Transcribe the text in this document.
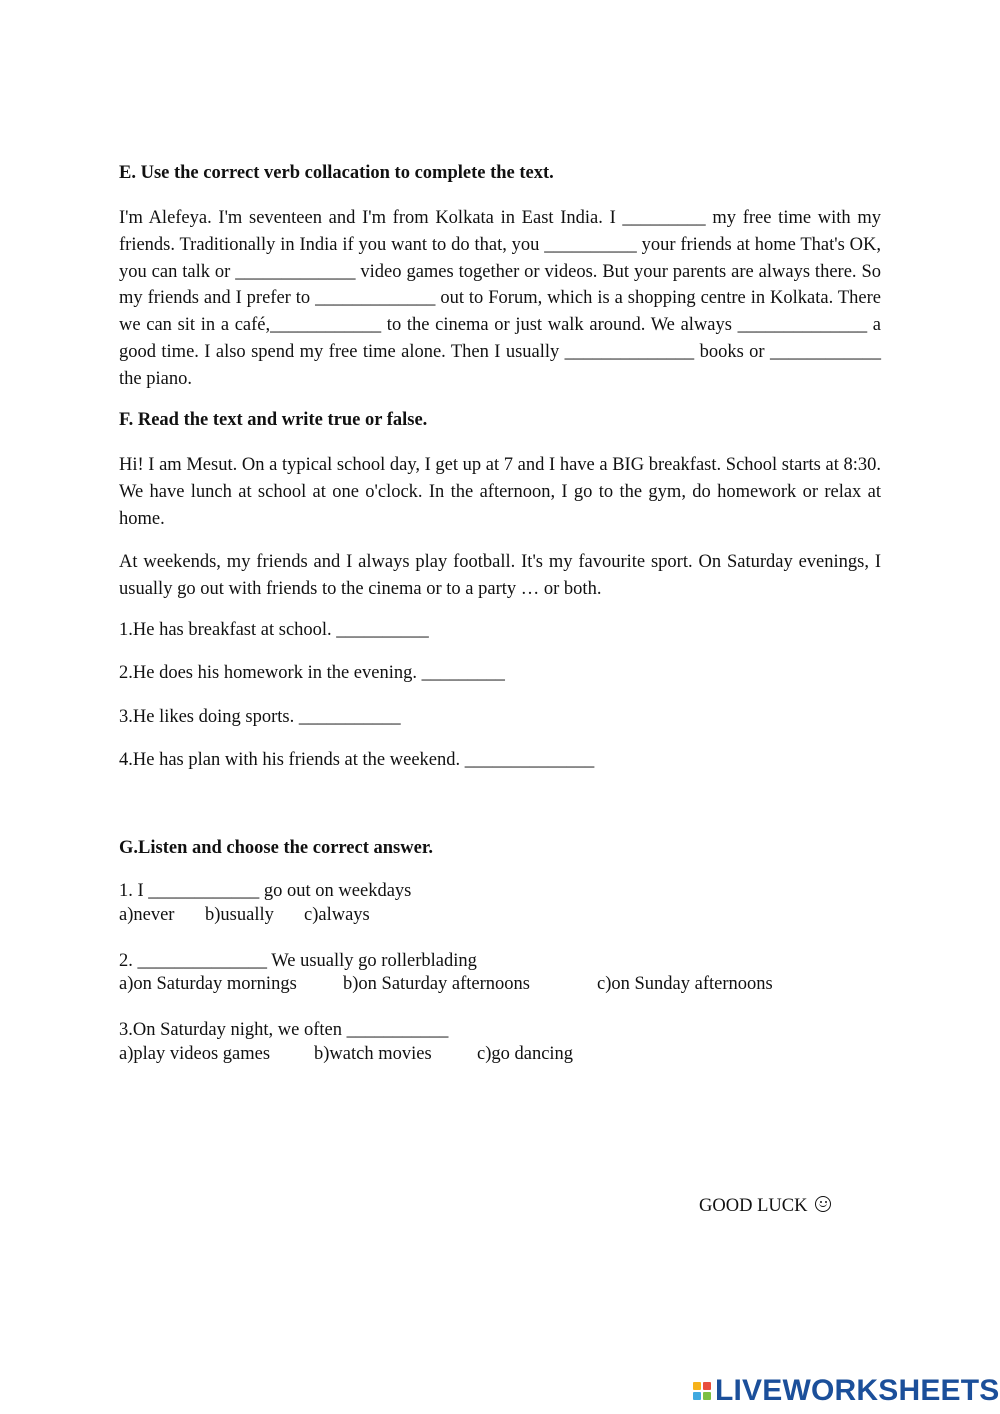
E. Use the correct verb collacation to complete the text.
I'm Alefeya. I'm seventeen and I'm from Kolkata in East India. I _________ my free time with my friends. Traditionally in India if you want to do that, you __________ your friends at home That's OK, you can talk or _____________ video games together or videos. But your parents are always there. So my friends and I prefer to _____________ out to Forum, which is a shopping centre in Kolkata. There we can sit in a café,____________ to the cinema or just walk around. We always ______________ a good time. I also spend my free time alone. Then I usually ______________ books or ____________ the piano.
F. Read the text and write true or false.
Hi! I am Mesut. On a typical school day, I get up at 7 and I have a BIG breakfast. School starts at 8:30. We have lunch at school at one o'clock. In the afternoon, I go to the gym, do homework or relax at home.
At weekends, my friends and I always play football. It's my favourite sport. On Saturday evenings, I usually go out with friends to the cinema or to a party … or both.
1.He has breakfast at school. __________
2.He does his homework in the evening. _________
3.He likes doing sports. ___________
4.He has plan with his friends at the weekend. ______________
G.Listen and choose the correct answer.
1. I ____________ go out on weekdays
a)never b)usually c)always
2. ______________ We usually go rollerblading
a)on Saturday mornings b)on Saturday afternoons	c)on Sunday afternoons
3.On Saturday night, we often ___________
a)play videos games b)watch movies c)go dancing
GOOD LUCK
LIVEWORKSHEETS
